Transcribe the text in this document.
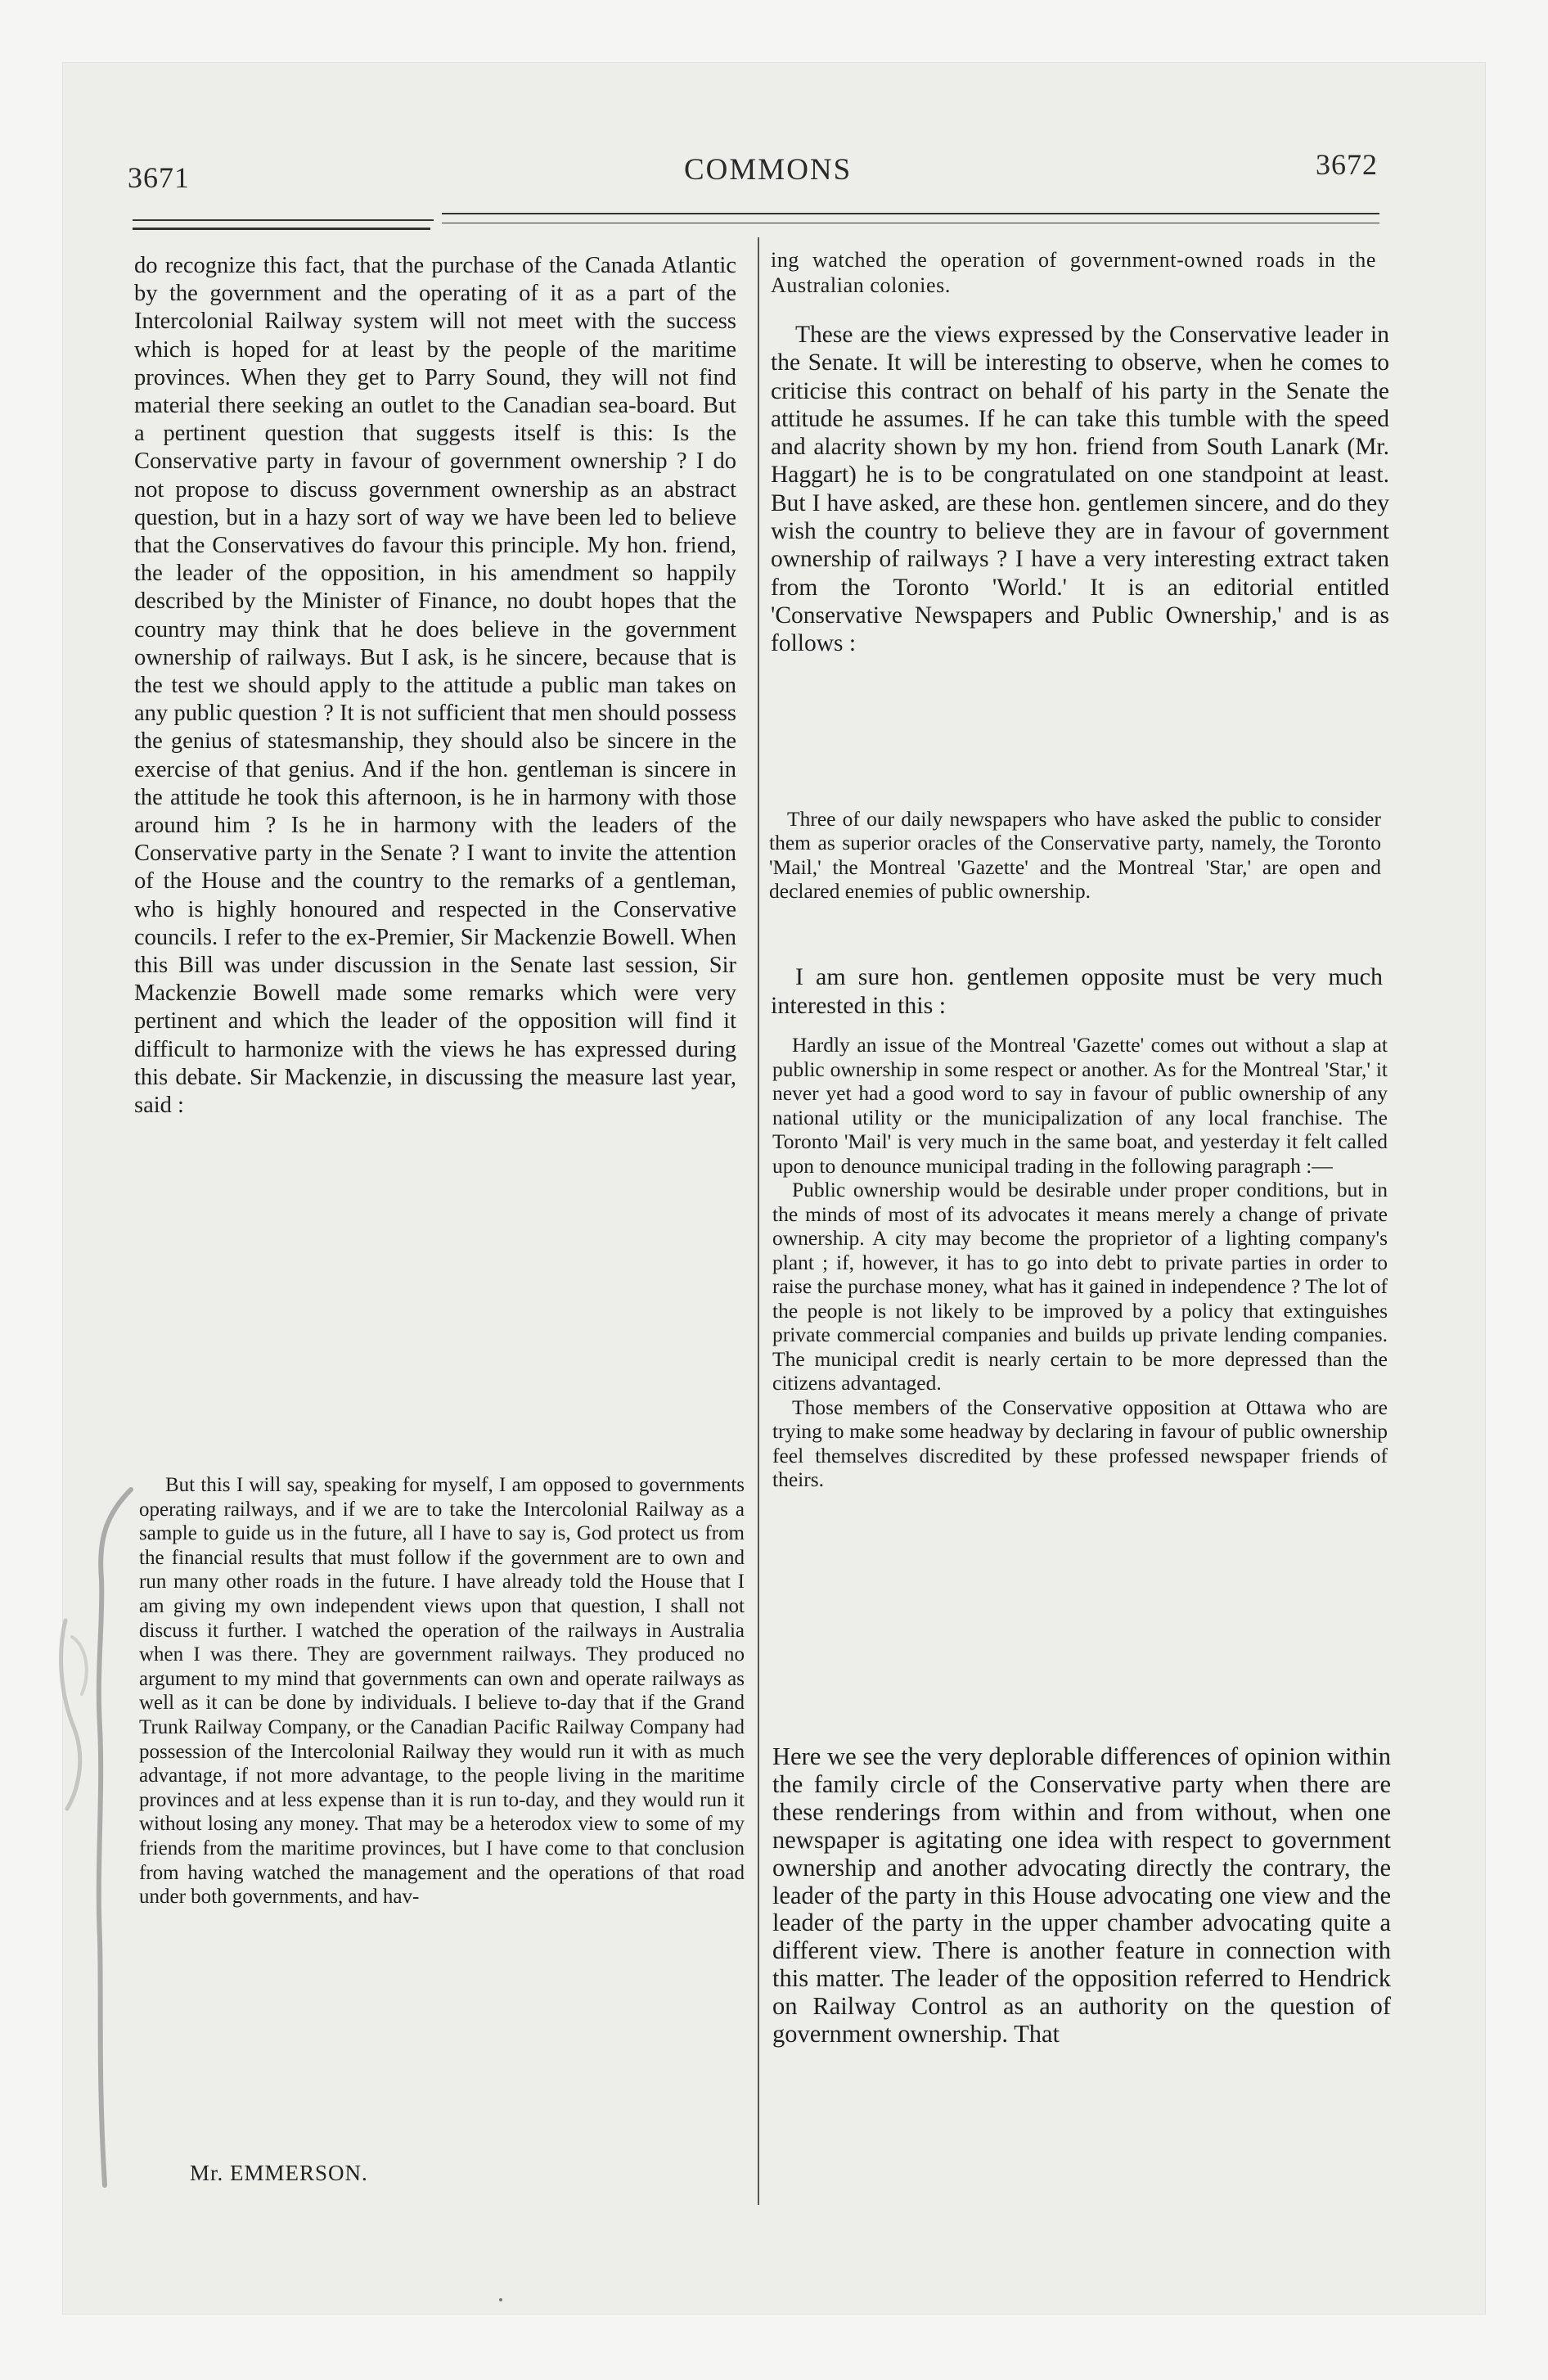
3671	COMMONS	3672

do recognize this fact, that the purchase of the Canada Atlantic by the government and the operating of it as a part of the Intercolonial Railway system will not meet with the success which is hoped for at least by the people of the maritime provinces. When they get to Parry Sound, they will not find material there seeking an outlet to the Canadian sea-board. But a pertinent question that suggests itself is this: Is the Conservative party in favour of government ownership ? I do not propose to discuss government ownership as an abstract question, but in a hazy sort of way we have been led to believe that the Conservatives do favour this principle. My hon. friend, the leader of the opposition, in his amendment so happily described by the Minister of Finance, no doubt hopes that the country may think that he does believe in the government ownership of railways. But I ask, is he sincere, because that is the test we should apply to the attitude a public man takes on any public question ? It is not sufficient that men should possess the genius of statesmanship, they should also be sincere in the exercise of that genius. And if the hon. gentleman is sincere in the attitude he took this afternoon, is he in harmony with those around him ? Is he in harmony with the leaders of the Conservative party in the Senate ? I want to invite the attention of the House and the country to the remarks of a gentleman, who is highly honoured and respected in the Conservative councils. I refer to the ex-Premier, Sir Mackenzie Bowell. When this Bill was under discussion in the Senate last session, Sir Mackenzie Bowell made some remarks which were very pertinent and which the leader of the opposition will find it difficult to harmonize with the views he has expressed during this debate. Sir Mackenzie, in discussing the measure last year, said :

But this I will say, speaking for myself, I am opposed to governments operating railways, and if we are to take the Intercolonial Railway as a sample to guide us in the future, all I have to say is, God protect us from the financial results that must follow if the government are to own and run many other roads in the future. I have already told the House that I am giving my own independent views upon that question, I shall not discuss it further. I watched the operation of the railways in Australia when I was there. They are government railways. They produced no argument to my mind that governments can own and operate railways as well as it can be done by individuals. I believe to-day that if the Grand Trunk Railway Company, or the Canadian Pacific Railway Company had possession of the Intercolonial Railway they would run it with as much advantage, if not more advantage, to the people living in the maritime provinces and at less expense than it is run to-day, and they would run it without losing any money. That may be a heterodox view to some of my friends from the maritime provinces, but I have come to that conclusion from having watched the management and the operations of that road under both governments, and hav-

Mr. EMMERSON.

ing watched the operation of government-owned roads in the Australian colonies.

These are the views expressed by the Conservative leader in the Senate. It will be interesting to observe, when he comes to criticise this contract on behalf of his party in the Senate the attitude he assumes. If he can take this tumble with the speed and alacrity shown by my hon. friend from South Lanark (Mr. Haggart) he is to be congratulated on one standpoint at least. But I have asked, are these hon. gentlemen sincere, and do they wish the country to believe they are in favour of government ownership of railways ? I have a very interesting extract taken from the Toronto 'World.' It is an editorial entitled 'Conservative Newspapers and Public Ownership,' and is as follows :

Three of our daily newspapers who have asked the public to consider them as superior oracles of the Conservative party, namely, the Toronto 'Mail,' the Montreal 'Gazette' and the Montreal 'Star,' are open and declared enemies of public ownership.

I am sure hon. gentlemen opposite must be very much interested in this :

Hardly an issue of the Montreal 'Gazette' comes out without a slap at public ownership in some respect or another. As for the Montreal 'Star,' it never yet had a good word to say in favour of public ownership of any national utility or the municipalization of any local franchise. The Toronto 'Mail' is very much in the same boat, and yesterday it felt called upon to denounce municipal trading in the following paragraph :—

Public ownership would be desirable under proper conditions, but in the minds of most of its advocates it means merely a change of private ownership. A city may become the proprietor of a lighting company's plant ; if, however, it has to go into debt to private parties in order to raise the purchase money, what has it gained in independence ? The lot of the people is not likely to be improved by a policy that extinguishes private commercial companies and builds up private lending companies. The municipal credit is nearly certain to be more depressed than the citizens advantaged.

Those members of the Conservative opposition at Ottawa who are trying to make some headway by declaring in favour of public ownership feel themselves discredited by these professed newspaper friends of theirs.

Here we see the very deplorable differences of opinion within the family circle of the Conservative party when there are these renderings from within and from without, when one newspaper is agitating one idea with respect to government ownership and another advocating directly the contrary, the leader of the party in this House advocating one view and the leader of the party in the upper chamber advocating quite a different view. There is another feature in connection with this matter. The leader of the opposition referred to Hendrick on Railway Control as an authority on the question of government ownership. That
